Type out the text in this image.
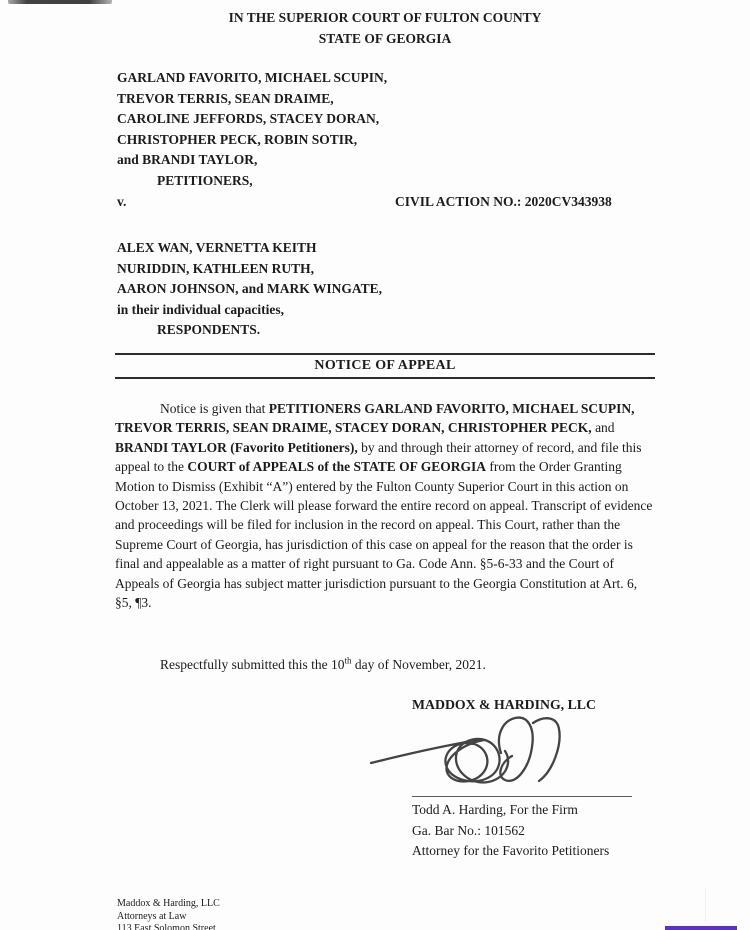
IN THE SUPERIOR COURT OF FULTON COUNTY
STATE OF GEORGIA
GARLAND FAVORITO, MICHAEL SCUPIN,
TREVOR TERRIS, SEAN DRAIME,
CAROLINE JEFFORDS, STACEY DORAN,
CHRISTOPHER PECK, ROBIN SOTIR,
and BRANDI TAYLOR,
PETITIONERS,
v.	CIVIL ACTION NO.: 2020CV343938
ALEX WAN, VERNETTA KEITH
NURIDDIN, KATHLEEN RUTH,
AARON JOHNSON, and MARK WINGATE,
in their individual capacities,
RESPONDENTS.
NOTICE OF APPEAL

Notice is given that PETITIONERS GARLAND FAVORITO, MICHAEL SCUPIN, TREVOR TERRIS, SEAN DRAIME, STACEY DORAN, CHRISTOPHER PECK, and BRANDI TAYLOR (Favorito Petitioners), by and through their attorney of record, and file this appeal to the COURT of APPEALS of the STATE OF GEORGIA from the Order Granting Motion to Dismiss (Exhibit “A”) entered by the Fulton County Superior Court in this action on October 13, 2021. The Clerk will please forward the entire record on appeal. Transcript of evidence and proceedings will be filed for inclusion in the record on appeal. This Court, rather than the Supreme Court of Georgia, has jurisdiction of this case on appeal for the reason that the order is final and appealable as a matter of right pursuant to Ga. Code Ann. §5-6-33 and the Court of Appeals of Georgia has subject matter jurisdiction pursuant to the Georgia Constitution at Art. 6, §5, ¶3.

Respectfully submitted this the 10th day of November, 2021.

MADDOX & HARDING, LLC
Todd A. Harding, For the Firm
Ga. Bar No.: 101562
Attorney for the Favorito Petitioners
Maddox & Harding, LLC
Attorneys at Law
113 East Solomon Street
